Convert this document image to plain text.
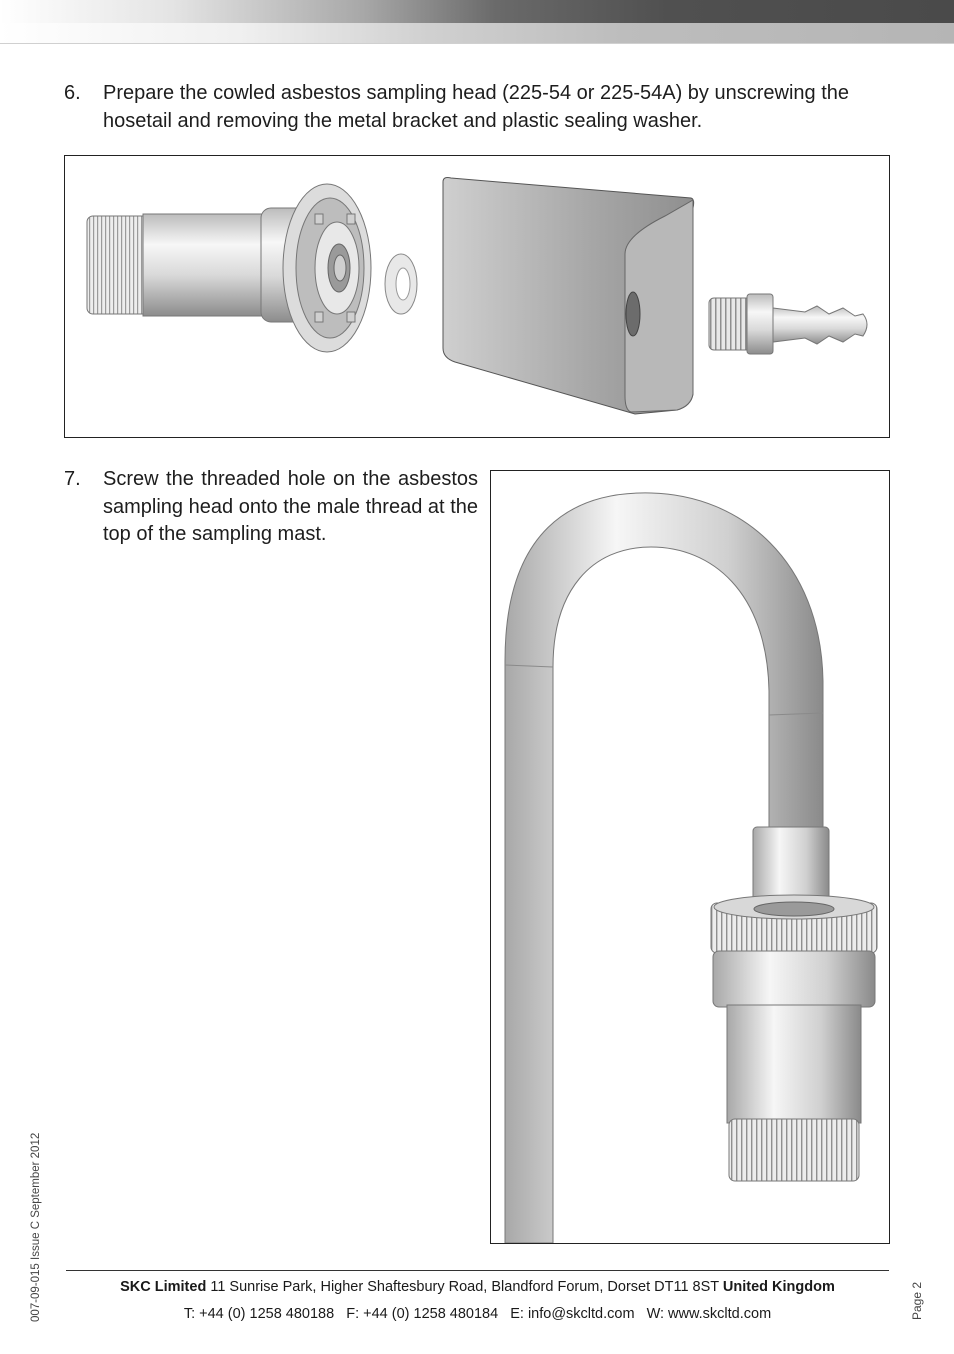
6. Prepare the cowled asbestos sampling head (225-54 or 225-54A) by unscrewing the hosetail and removing the metal bracket and plastic sealing washer.
7. Screw the threaded hole on the asbestos sampling head onto the male thread at the top of the sampling mast.
007-09-015 Issue C September 2012	Page 2
SKC Limited 11 Sunrise Park, Higher Shaftesbury Road, Blandford Forum, Dorset DT11 8ST United Kingdom
T: +44 (0) 1258 480188 F: +44 (0) 1258 480184 E: info@skcltd.com W: www.skcltd.com
